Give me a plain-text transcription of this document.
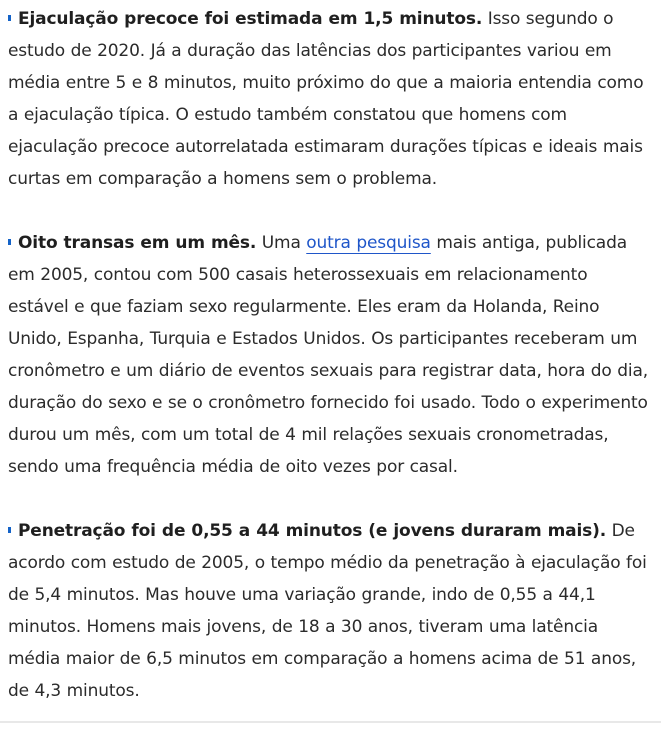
Ejaculação precoce foi estimada em 1,5 minutos. Isso segundo o estudo de 2020. Já a duração das latências dos participantes variou em média entre 5 e 8 minutos, muito próximo do que a maioria entendia como a ejaculação típica. O estudo também constatou que homens com ejaculação precoce autorrelatada estimaram durações típicas e ideais mais curtas em comparação a homens sem o problema.

Oito transas em um mês. Uma outra pesquisa mais antiga, publicada em 2005, contou com 500 casais heterossexuais em relacionamento estável e que faziam sexo regularmente. Eles eram da Holanda, Reino Unido, Espanha, Turquia e Estados Unidos. Os participantes receberam um cronômetro e um diário de eventos sexuais para registrar data, hora do dia, duração do sexo e se o cronômetro fornecido foi usado. Todo o experimento durou um mês, com um total de 4 mil relações sexuais cronometradas, sendo uma frequência média de oito vezes por casal.

Penetração foi de 0,55 a 44 minutos (e jovens duraram mais). De acordo com estudo de 2005, o tempo médio da penetração à ejaculação foi de 5,4 minutos. Mas houve uma variação grande, indo de 0,55 a 44,1 minutos. Homens mais jovens, de 18 a 30 anos, tiveram uma latência média maior de 6,5 minutos em comparação a homens acima de 51 anos, de 4,3 minutos.
